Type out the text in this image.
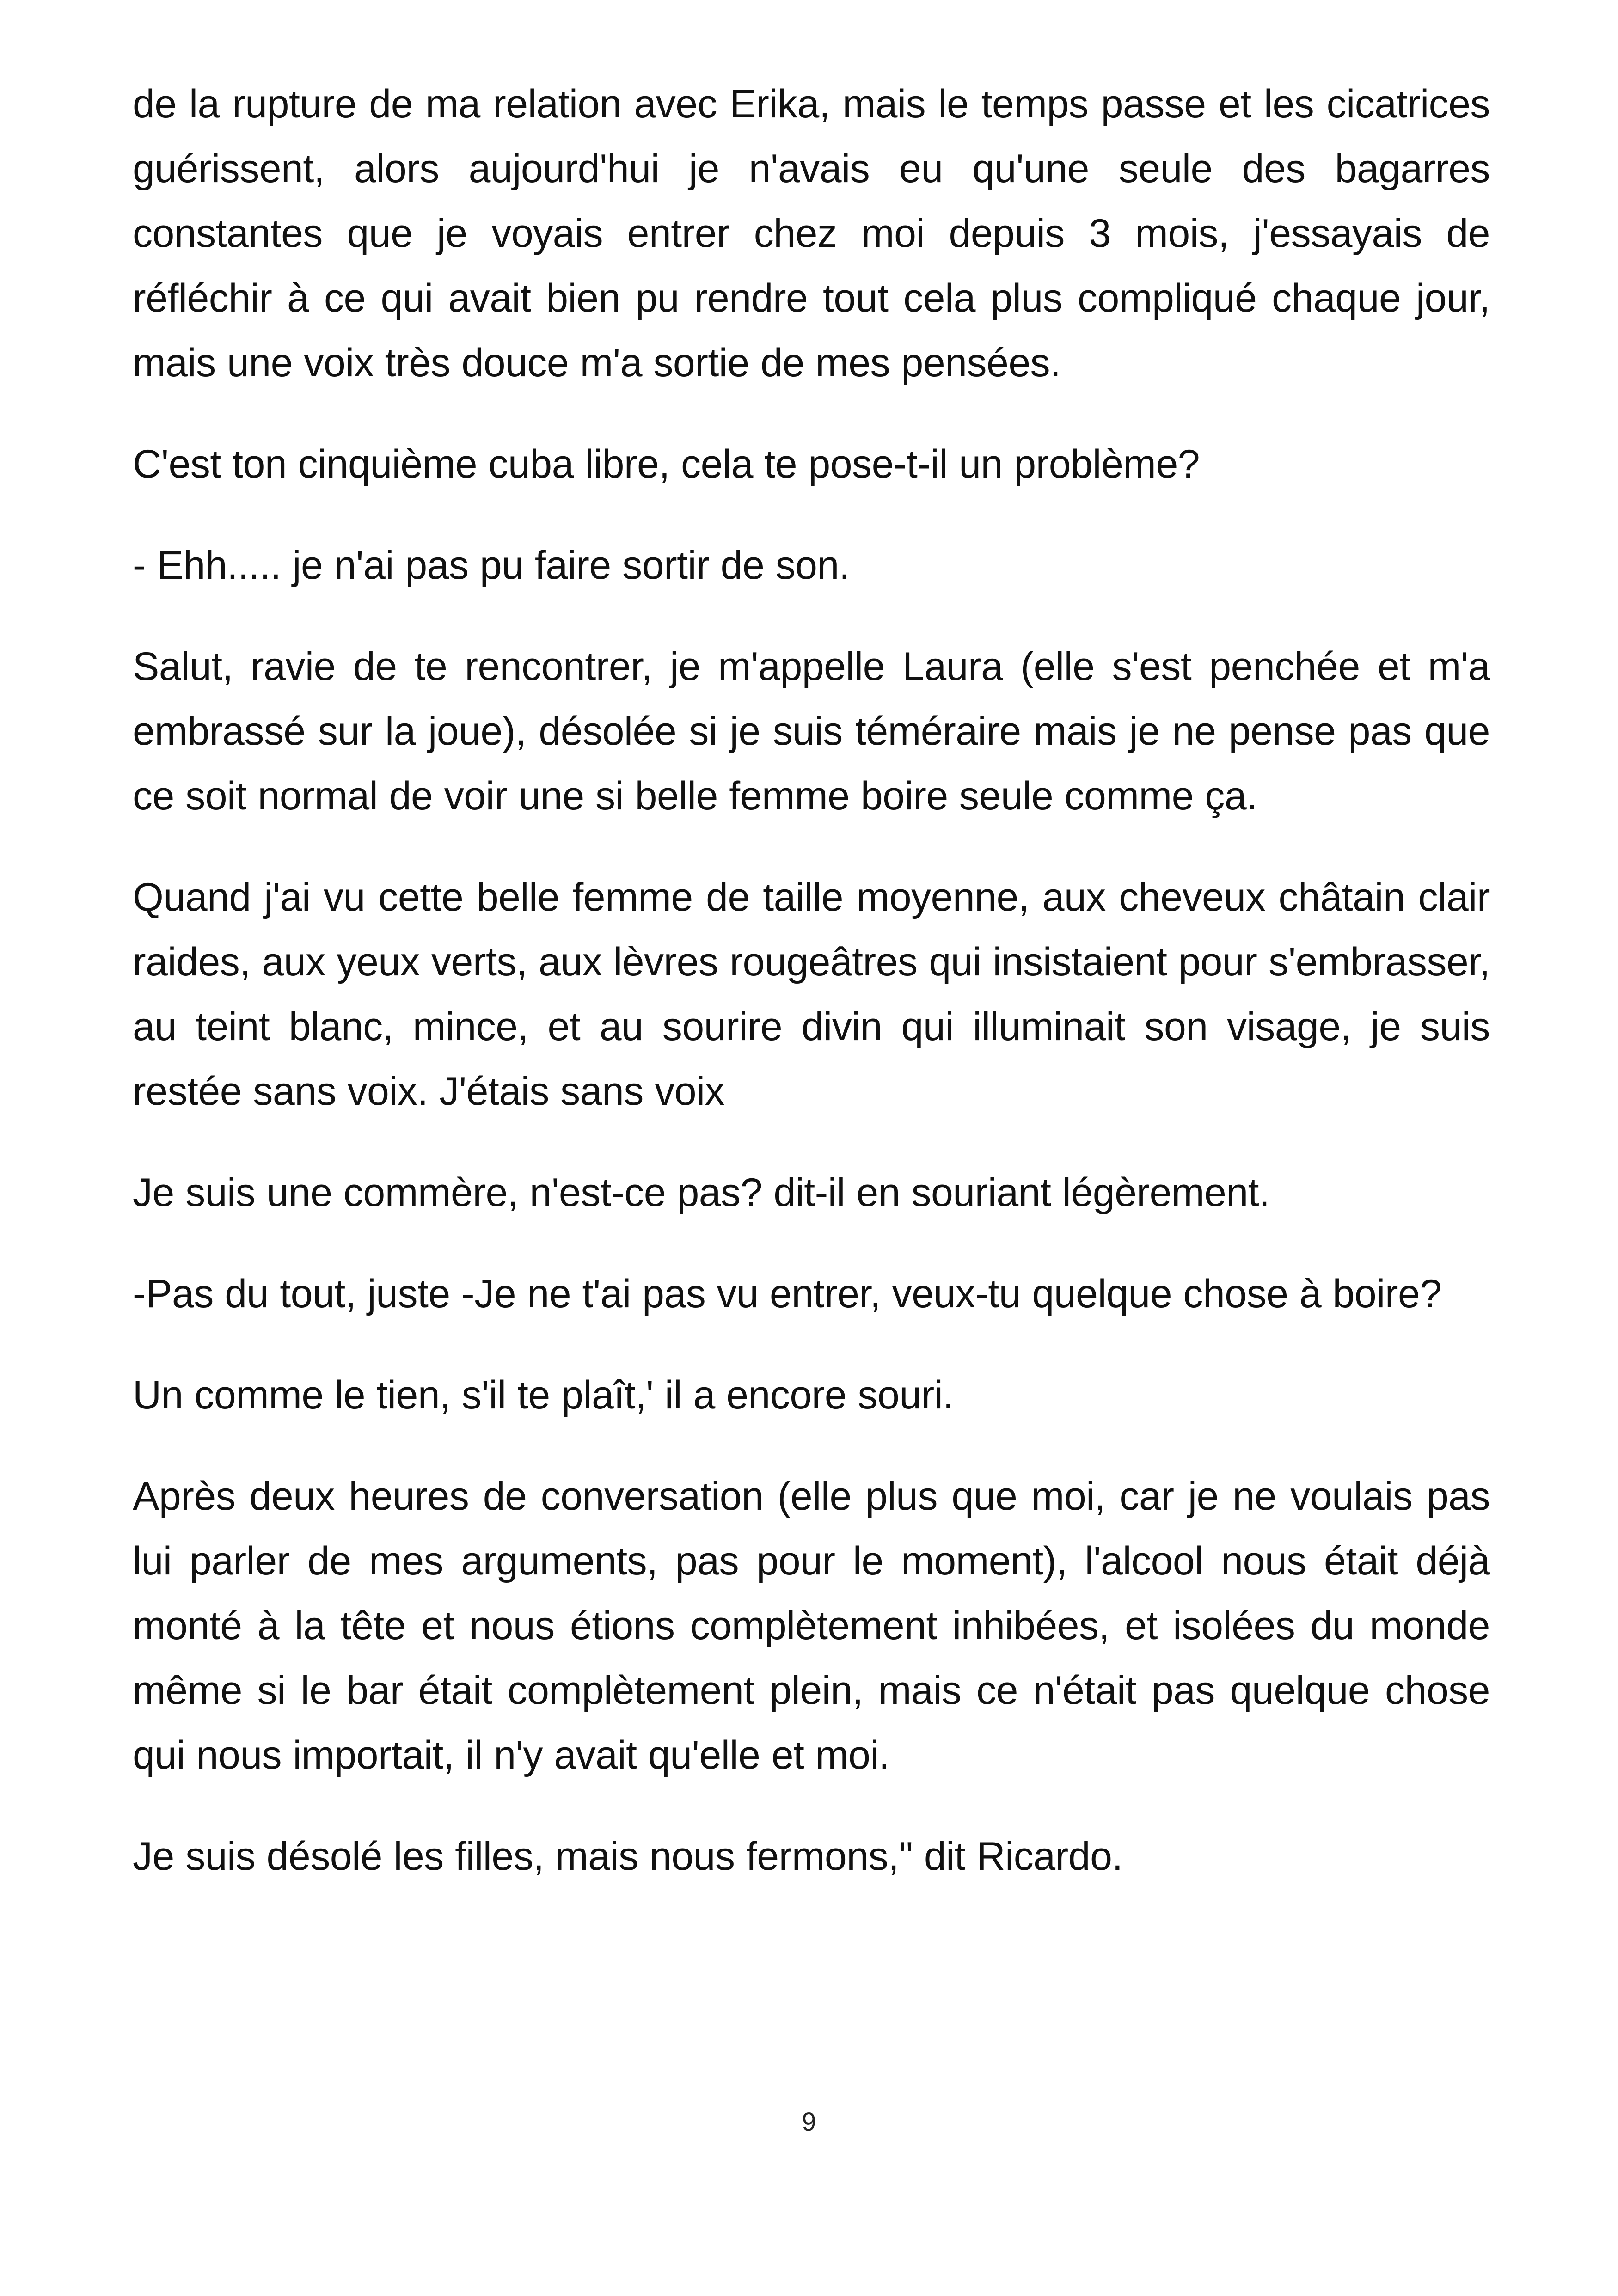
de la rupture de ma relation avec Erika, mais le temps passe et les cicatrices guérissent, alors aujourd'hui je n'avais eu qu'une seule des bagarres constantes que je voyais entrer chez moi depuis 3 mois, j'essayais de réfléchir à ce qui avait bien pu rendre tout cela plus compliqué chaque jour, mais une voix très douce m'a sortie de mes pensées.

C'est ton cinquième cuba libre, cela te pose-t-il un problème?

- Ehh..... je n'ai pas pu faire sortir de son.

Salut, ravie de te rencontrer, je m'appelle Laura (elle s'est penchée et m'a embrassé sur la joue), désolée si je suis téméraire mais je ne pense pas que ce soit normal de voir une si belle femme boire seule comme ça.

Quand j'ai vu cette belle femme de taille moyenne, aux cheveux châtain clair raides, aux yeux verts, aux lèvres rougeâtres qui insistaient pour s'embrasser, au teint blanc, mince, et au sourire divin qui illuminait son visage, je suis restée sans voix. J'étais sans voix

Je suis une commère, n'est-ce pas? dit-il en souriant légèrement.

-Pas du tout, juste -Je ne t'ai pas vu entrer, veux-tu quelque chose à boire?

Un comme le tien, s'il te plaît,' il a encore souri.

Après deux heures de conversation (elle plus que moi, car je ne voulais pas lui parler de mes arguments, pas pour le moment), l'alcool nous était déjà monté à la tête et nous étions complètement inhibées, et isolées du monde même si le bar était complètement plein, mais ce n'était pas quelque chose qui nous importait, il n'y avait qu'elle et moi.

Je suis désolé les filles, mais nous fermons," dit Ricardo.

9
